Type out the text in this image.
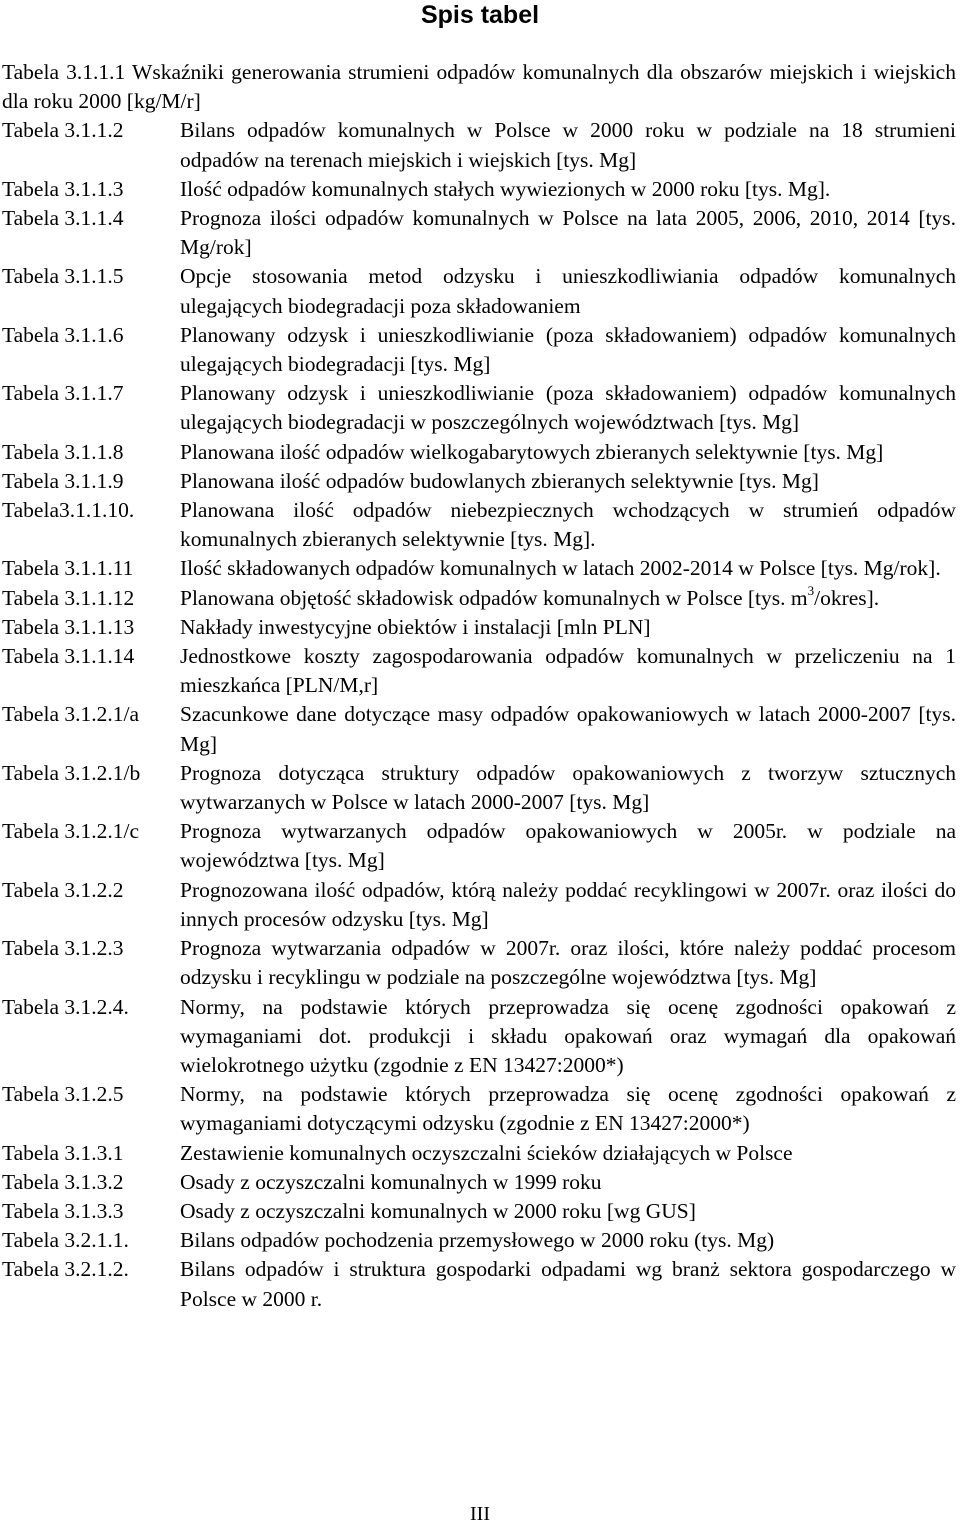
Spis tabel
Tabela 3.1.1.1 Wskaźniki generowania strumieni odpadów komunalnych dla obszarów miejskich i wiejskich dla roku 2000 [kg/M/r]
Tabela 3.1.1.2	Bilans odpadów komunalnych w Polsce w 2000 roku w podziale na 18 strumieni odpadów na terenach miejskich i wiejskich [tys. Mg]
Tabela 3.1.1.3	Ilość odpadów komunalnych stałych wywiezionych w 2000 roku [tys. Mg].
Tabela 3.1.1.4	Prognoza ilości odpadów komunalnych w Polsce na lata 2005, 2006, 2010, 2014 [tys. Mg/rok]
Tabela 3.1.1.5	Opcje stosowania metod odzysku i unieszkodliwiania odpadów komunalnych ulegających biodegradacji poza składowaniem
Tabela 3.1.1.6	Planowany odzysk i unieszkodliwianie (poza składowaniem) odpadów komunalnych ulegających biodegradacji [tys. Mg]
Tabela 3.1.1.7	Planowany odzysk i unieszkodliwianie (poza składowaniem) odpadów komunalnych ulegających biodegradacji w poszczególnych województwach [tys. Mg]
Tabela 3.1.1.8	Planowana ilość odpadów wielkogabarytowych zbieranych selektywnie [tys. Mg]
Tabela 3.1.1.9	Planowana ilość odpadów budowlanych zbieranych selektywnie [tys. Mg]
Tabela3.1.1.10.	Planowana ilość odpadów niebezpiecznych wchodzących w strumień odpadów komunalnych zbieranych selektywnie [tys. Mg].
Tabela 3.1.1.11	Ilość składowanych odpadów komunalnych w latach 2002-2014 w Polsce [tys. Mg/rok].
Tabela 3.1.1.12	Planowana objętość składowisk odpadów komunalnych w Polsce [tys. $m^3/okres$].
Tabela 3.1.1.13	Nakłady inwestycyjne obiektów i instalacji [mln PLN]
Tabela 3.1.1.14	Jednostkowe koszty zagospodarowania odpadów komunalnych w przeliczeniu na 1 mieszkańca [PLN/M,r]
Tabela 3.1.2.1/a	Szacunkowe dane dotyczące masy odpadów opakowaniowych w latach 2000-2007 [tys. Mg]
Tabela 3.1.2.1/b	Prognoza dotycząca struktury odpadów opakowaniowych z tworzyw sztucznych wytwarzanych w Polsce w latach 2000-2007 [tys. Mg]
Tabela 3.1.2.1/c	Prognoza wytwarzanych odpadów opakowaniowych w 2005r. w podziale na województwa [tys. Mg]
Tabela 3.1.2.2	Prognozowana ilość odpadów, którą należy poddać recyklingowi w 2007r. oraz ilości do innych procesów odzysku [tys. Mg]
Tabela 3.1.2.3	Prognoza wytwarzania odpadów w 2007r. oraz ilości, które należy poddać procesom odzysku i recyklingu w podziale na poszczególne województwa [tys. Mg]
Tabela 3.1.2.4.	Normy, na podstawie których przeprowadza się ocenę zgodności opakowań z wymaganiami dot. produkcji i składu opakowań oraz wymagań dla opakowań wielokrotnego użytku (zgodnie z EN 13427:2000*)
Tabela 3.1.2.5	Normy, na podstawie których przeprowadza się ocenę zgodności opakowań z wymaganiami dotyczącymi odzysku (zgodnie z EN 13427:2000*)
Tabela 3.1.3.1	Zestawienie komunalnych oczyszczalni ścieków działających w Polsce
Tabela 3.1.3.2	Osady z oczyszczalni komunalnych w 1999 roku
Tabela 3.1.3.3	Osady z oczyszczalni komunalnych w 2000 roku [wg GUS]
Tabela 3.2.1.1.	Bilans odpadów pochodzenia przemysłowego w 2000 roku (tys. Mg)
Tabela 3.2.1.2.	Bilans odpadów i struktura gospodarki odpadami wg branż sektora gospodarczego w Polsce w 2000 r.
III
